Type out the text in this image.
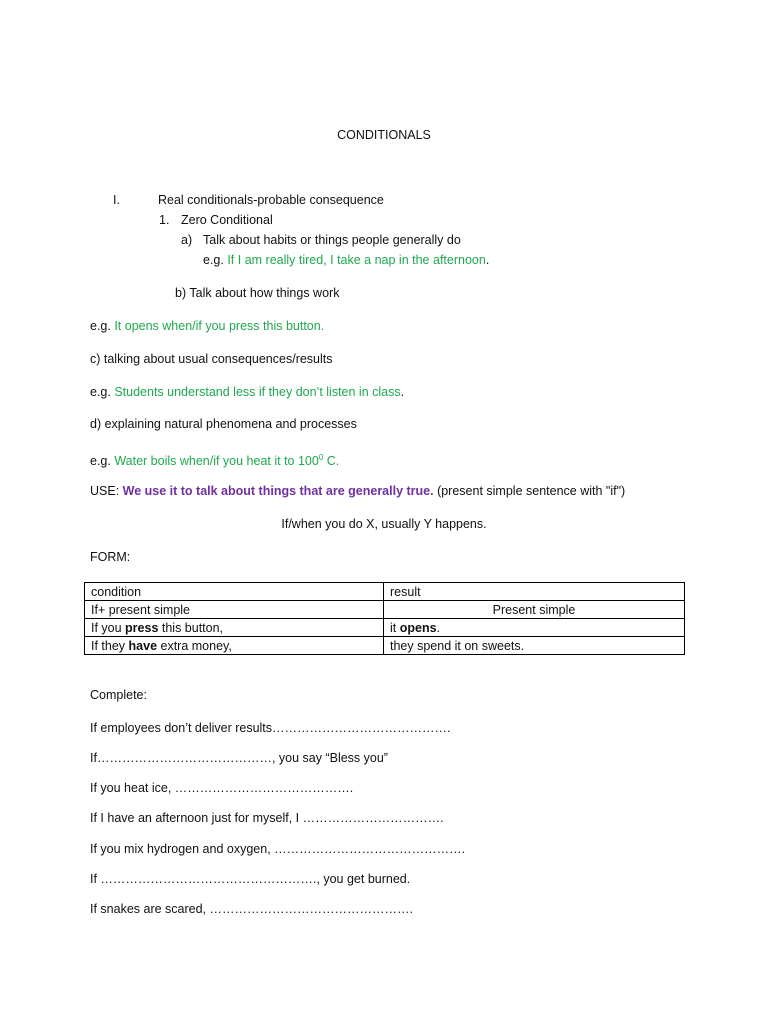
CONDITIONALS
I.	Real conditionals-probable consequence
1. Zero Conditional
a) Talk about habits or things people generally do
e.g. If I am really tired, I take a nap in the afternoon.
b) Talk about how things work
e.g. It opens when/if you press this button.
c) talking about usual consequences/results
e.g. Students understand less if they don’t listen in class.
d) explaining natural phenomena and processes
e.g. Water boils when/if you heat it to $100^0$ C.
USE: We use it to talk about things that are generally true. (present simple sentence with "if")
If/when you do X, usually Y happens.
FORM:
condition	result
If+ present simple	Present simple
If you press this button,	it opens.
If they have extra money,	they spend it on sweets.
Complete:
If employees don’t deliver results…………………………………….
If……………………………………, you say “Bless you”
If you heat ice, …………………………………….
If I have an afternoon just for myself, I …………………………….
If you mix hydrogen and oxygen, ……………………………………….
If ……………………………………………., you get burned.
If snakes are scared, ………………………………………….
